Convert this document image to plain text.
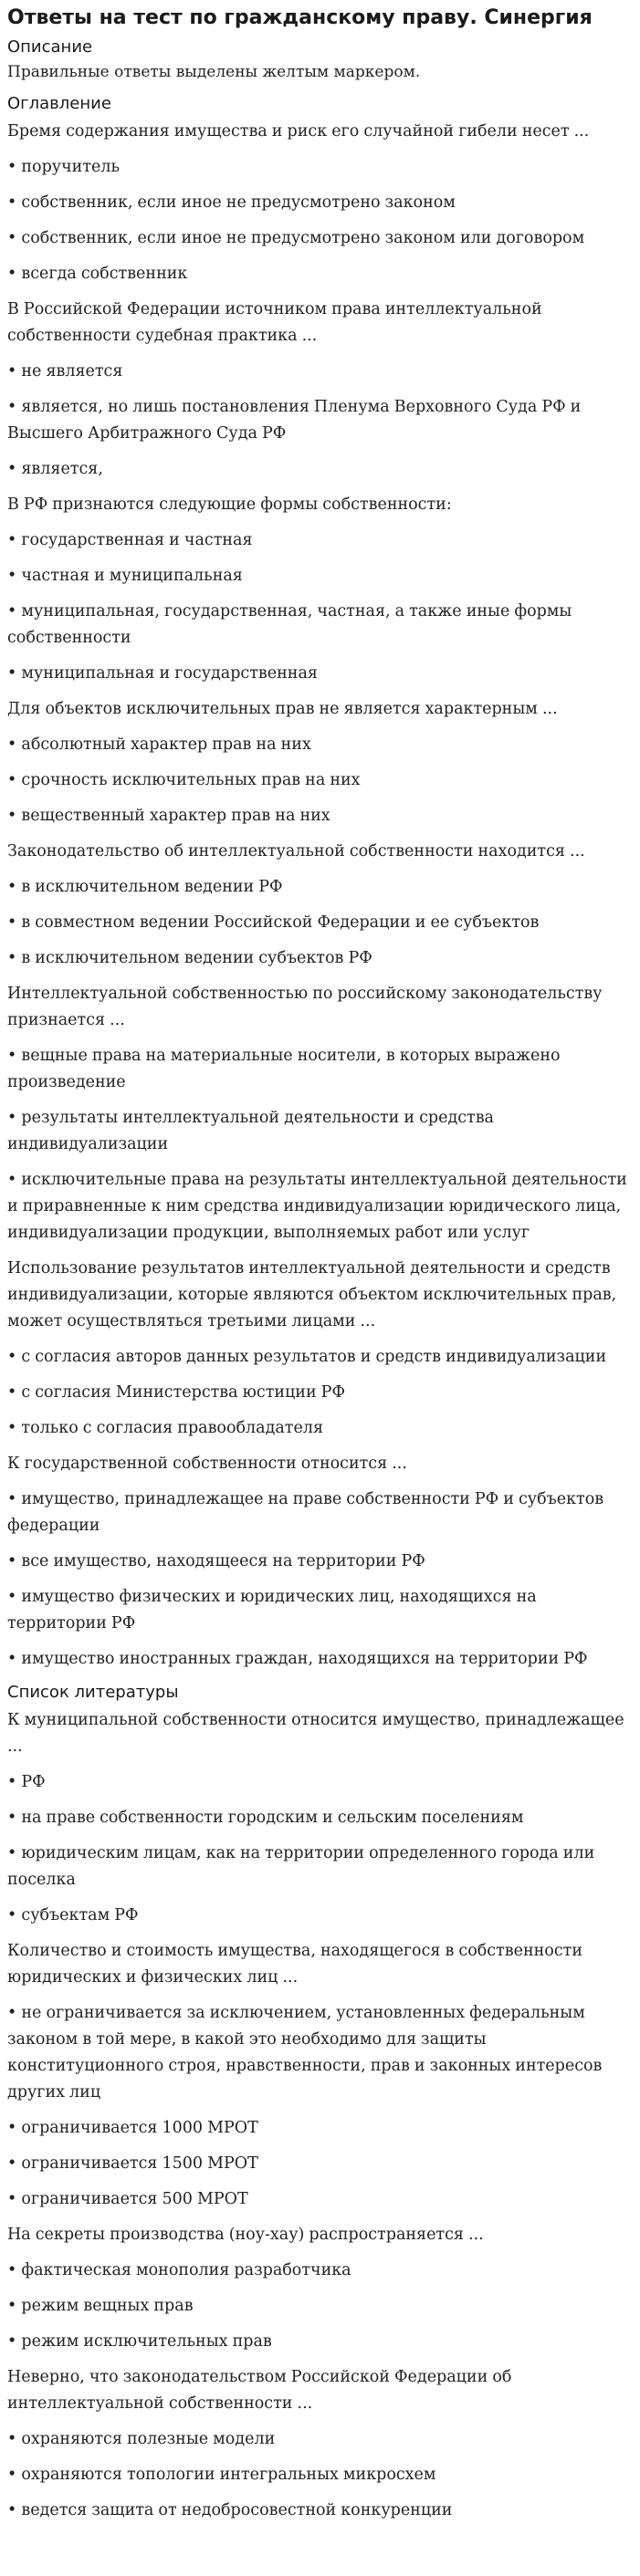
Ответы на тест по гражданскому праву. Синергия
Описание

Правильные ответы выделены желтым маркером.

Оглавление

Бремя содержания имущества и риск его случайной гибели несет ...

• поручитель

• собственник, если иное не предусмотрено законом

• собственник, если иное не предусмотрено законом или договором

• всегда собственник

В Российской Федерации источником права интеллектуальной собственности судебная практика ...

• не является

• является, но лишь постановления Пленума Верховного Суда РФ и Высшего Арбитражного Суда РФ

• является,

В РФ признаются следующие формы собственности:

• государственная и частная

• частная и муниципальная

• муниципальная, государственная, частная, а также иные формы собственности

• муниципальная и государственная

Для объектов исключительных прав не является характерным ...

• абсолютный характер прав на них

• срочность исключительных прав на них

• вещественный характер прав на них

Законодательство об интеллектуальной собственности находится ...

• в исключительном ведении РФ

• в совместном ведении Российской Федерации и ее субъектов

• в исключительном ведении субъектов РФ

Интеллектуальной собственностью по российскому законодательству признается ...

• вещные права на материальные носители, в которых выражено произведение

• результаты интеллектуальной деятельности и средства индивидуализации

• исключительные права на результаты интеллектуальной деятельности и приравненные к ним средства индивидуализации юридического лица, индивидуализации продукции, выполняемых работ или услуг

Использование результатов интеллектуальной деятельности и средств индивидуализации, которые являются объектом исключительных прав, может осуществляться третьими лицами ...

• с согласия авторов данных результатов и средств индивидуализации

• с согласия Министерства юстиции РФ

• только с согласия правообладателя

К государственной собственности относится ...

• имущество, принадлежащее на праве собственности РФ и субъектов федерации

• все имущество, находящееся на территории РФ

• имущество физических и юридических лиц, находящихся на территории РФ

• имущество иностранных граждан, находящихся на территории РФ

Список литературы

К муниципальной собственности относится имущество, принадлежащее ...

• РФ

• на праве собственности городским и сельским поселениям

• юридическим лицам, как на территории определенного города или поселка

• субъектам РФ

Количество и стоимость имущества, находящегося в собственности юридических и физических лиц ...

• не ограничивается за исключением, установленных федеральным законом в той мере, в какой это необходимо для защиты конституционного строя, нравственности, прав и законных интересов других лиц

• ограничивается 1000 МРОТ

• ограничивается 1500 МРОТ

• ограничивается 500 МРОТ

На секреты производства (ноу-хау) распространяется ...

• фактическая монополия разработчика

• режим вещных прав

• режим исключительных прав

Неверно, что законодательством Российской Федерации об интеллектуальной собственности ...

• охраняются полезные модели

• охраняются топологии интегральных микросхем

• ведется защита от недобросовестной конкуренции
